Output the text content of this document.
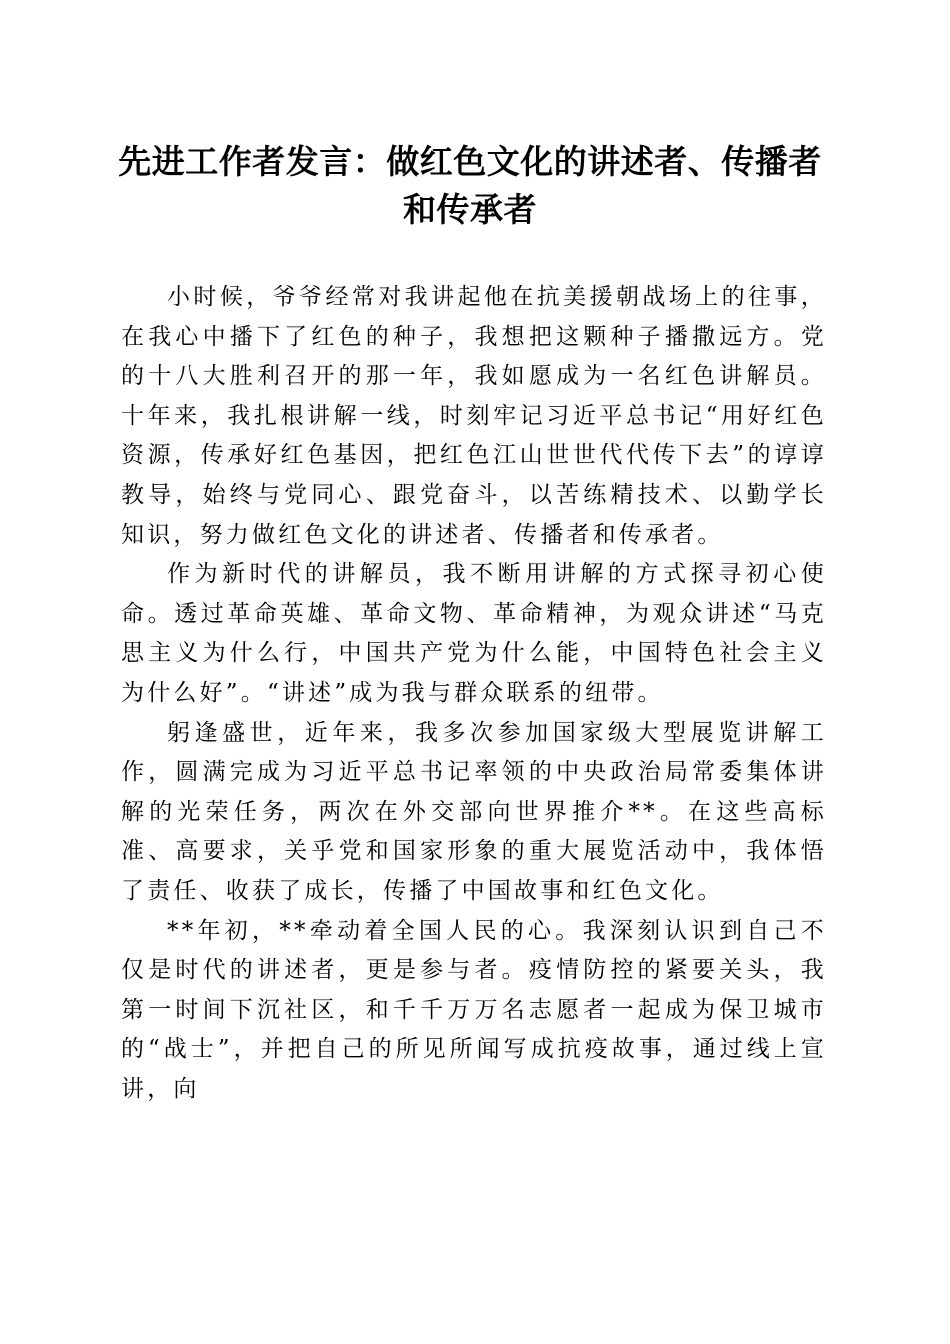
先进工作者发言：做红色文化的讲述者、传播者和传承者

小时候，爷爷经常对我讲起他在抗美援朝战场上的往事，在我心中播下了红色的种子，我想把这颗种子播撒远方。党的十八大胜利召开的那一年，我如愿成为一名红色讲解员。十年来，我扎根讲解一线，时刻牢记习近平总书记“用好红色资源，传承好红色基因，把红色江山世世代代传下去”的谆谆教导，始终与党同心、跟党奋斗，以苦练精技术、以勤学长知识，努力做红色文化的讲述者、传播者和传承者。

作为新时代的讲解员，我不断用讲解的方式探寻初心使命。透过革命英雄、革命文物、革命精神，为观众讲述“马克思主义为什么行，中国共产党为什么能，中国特色社会主义为什么好”。“讲述”成为我与群众联系的纽带。

躬逢盛世，近年来，我多次参加国家级大型展览讲解工作，圆满完成为习近平总书记率领的中央政治局常委集体讲解的光荣任务，两次在外交部向世界推介**。在这些高标准、高要求，关乎党和国家形象的重大展览活动中，我体悟了责任、收获了成长，传播了中国故事和红色文化。

**年初，**牵动着全国人民的心。我深刻认识到自己不仅是时代的讲述者，更是参与者。疫情防控的紧要关头，我第一时间下沉社区，和千千万万名志愿者一起成为保卫城市的“战士”，并把自己的所见所闻写成抗疫故事，通过线上宣讲，向
